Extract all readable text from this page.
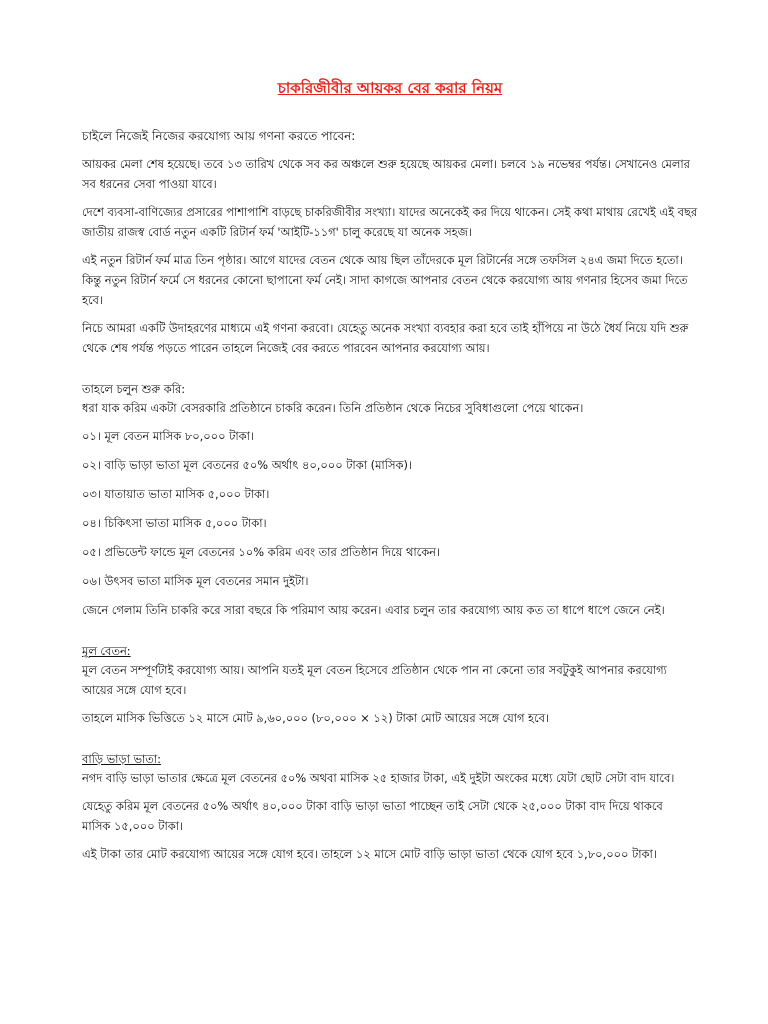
চাকরিজীবীর আয়কর বের করার নিয়ম
চাইলে নিজেই নিজের করযোগ্য আয় গণনা করতে পাবেন:
আয়কর মেলা শেষ হয়েছে। তবে ১৩ তারিখ থেকে সব কর অঞ্চলে শুরু হয়েছে আয়কর মেলা। চলবে ১৯ নভেম্বর পর্যন্ত। সেখানেও মেলার সব ধরনের সেবা পাওয়া যাবে।
দেশে ব্যবসা-বাণিজ্যের প্রসারের পাশাপাশি বাড়ছে চাকরিজীবীর সংখ্যা। যাদের অনেকেই কর দিয়ে থাকেন। সেই কথা মাথায় রেখেই এই বছর জাতীয় রাজস্ব বোর্ড নতুন একটি রিটার্ন ফর্ম 'আইটি-১১গ' চালু করেছে যা অনেক সহজ।
এই নতুন রিটার্ন ফর্ম মাত্র তিন পৃষ্ঠার। আগে যাদের বেতন থেকে আয় ছিল তাঁদেরকে মূল রিটার্নের সঙ্গে তফসিল ২৪এ জমা দিতে হতো। কিন্তু নতুন রিটার্ন ফর্মে সে ধরনের কোনো ছাপানো ফর্ম নেই। সাদা কাগজে আপনার বেতন থেকে করযোগ্য আয় গণনার হিসেব জমা দিতে হবে।
নিচে আমরা একটি উদাহরণের মাধ্যমে এই গণনা করবো। যেহেতু অনেক সংখ্যা ব্যবহার করা হবে তাই হাঁপিয়ে না উঠে ধৈর্য নিয়ে যদি শুরু থেকে শেষ পর্যন্ত পড়তে পারেন তাহলে নিজেই বের করতে পারবেন আপনার করযোগ্য আয়।
তাহলে চলুন শুরু করি:
ধরা যাক করিম একটা বেসরকারি প্রতিষ্ঠানে চাকরি করেন। তিনি প্রতিষ্ঠান থেকে নিচের সুবিধাগুলো পেয়ে থাকেন।
০১। মূল বেতন মাসিক ৮০,০০০ টাকা।
০২। বাড়ি ভাড়া ভাতা মূল বেতনের ৫০% অর্থাৎ ৪০,০০০ টাকা (মাসিক)।
০৩। যাতায়াত ভাতা মাসিক ৫,০০০ টাকা।
০৪। চিকিৎসা ভাতা মাসিক ৫,০০০ টাকা।
০৫। প্রভিডেন্ট ফান্ডে মূল বেতনের ১০% করিম এবং তার প্রতিষ্ঠান দিয়ে থাকেন।
০৬। উৎসব ভাতা মাসিক মূল বেতনের সমান দুইটা।
জেনে গেলাম তিনি চাকরি করে সারা বছরে কি পরিমাণ আয় করেন। এবার চলুন তার করযোগ্য আয় কত তা ধাপে ধাপে জেনে নেই।
মূল বেতন:
মূল বেতন সম্পূর্ণটাই করযোগ্য আয়। আপনি যতই মূল বেতন হিসেবে প্রতিষ্ঠান থেকে পান না কেনো তার সবটুকুই আপনার করযোগ্য
আয়ের সঙ্গে যোগ হবে।
তাহলে মাসিক ভিত্তিতে ১২ মাসে মোট ৯,৬০,০০০ (৮০,০০০ × ১২) টাকা মোট আয়ের সঙ্গে যোগ হবে।
বাড়ি ভাড়া ভাতা:
নগদ বাড়ি ভাড়া ভাতার ক্ষেত্রে মূল বেতনের ৫০% অথবা মাসিক ২৫ হাজার টাকা, এই দুইটা অংকের মধ্যে যেটা ছোট সেটা বাদ যাবে।
যেহেতু করিম মূল বেতনের ৫০% অর্থাৎ ৪০,০০০ টাকা বাড়ি ভাড়া ভাতা পাচ্ছেন তাই সেটা থেকে ২৫,০০০ টাকা বাদ দিয়ে থাকবে
মাসিক ১৫,০০০ টাকা।
এই টাকা তার মোট করযোগ্য আয়ের সঙ্গে যোগ হবে। তাহলে ১২ মাসে মোট বাড়ি ভাড়া ভাতা থেকে যোগ হবে ১,৮০,০০০ টাকা।
